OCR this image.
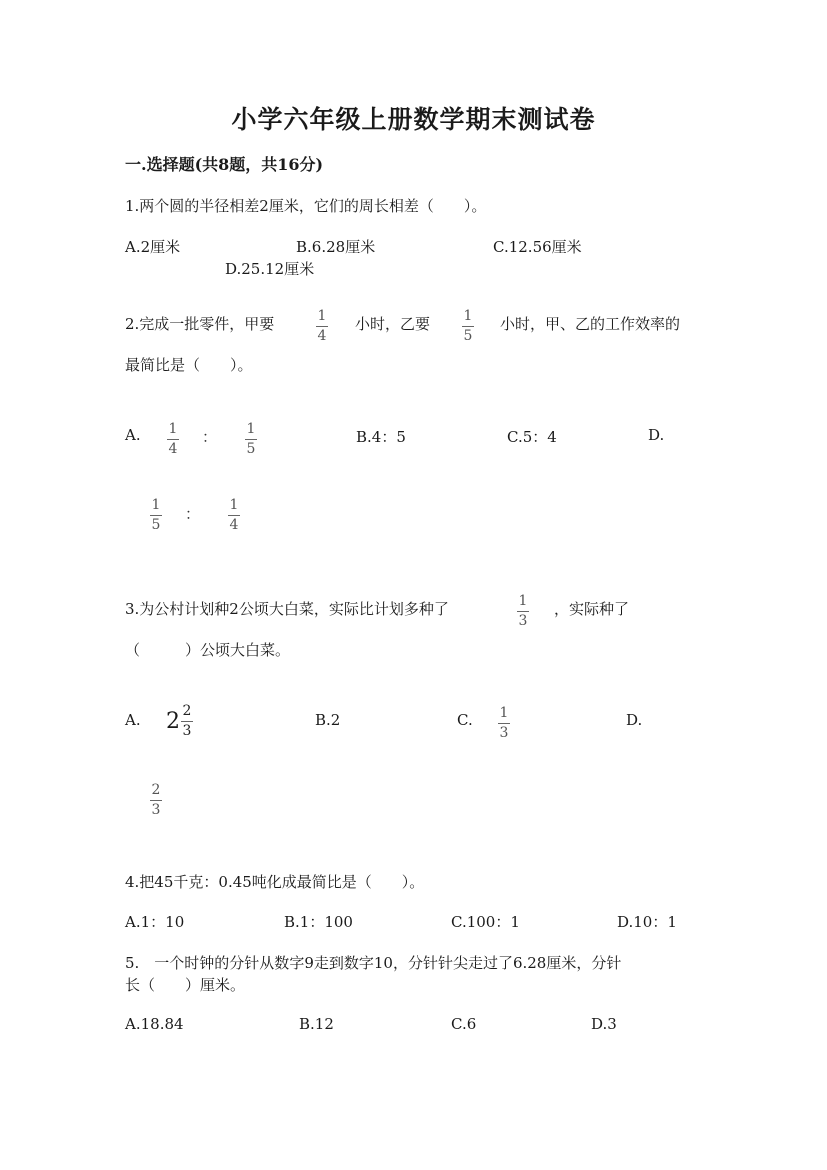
小学六年级上册数学期末测试卷
一.选择题(共8题，共16分)
1.两个圆的半径相差2厘米，它们的周长相差（　　）。
A.2厘米	B.6.28厘米	C.12.56厘米
D.25.12厘米
2.完成一批零件，甲要	1
4
小时，乙要 1
5
小时，甲、乙的工作效率的
最简比是（　　）。
A. 1
4
： 1
5
B.4：5	C.5：4	D.
1
5
： 1
4
3.为公村计划种2公顷大白菜，实际比计划多种了	1
3
，实际种了
（　　　）公顷大白菜。
A. $2 \frac{2}{3}$	B.2	C. 1
3
D.
2
3
4.把45千克：0.45吨化成最简比是（　　）。
A.1：10	B.1：100	C.100：1	D.10：1
5.　一个时钟的分针从数字9走到数字10，分针针尖走过了6.28厘米，分针
长（　　）厘米。
A.18.84	B.12	C.6	D.3
